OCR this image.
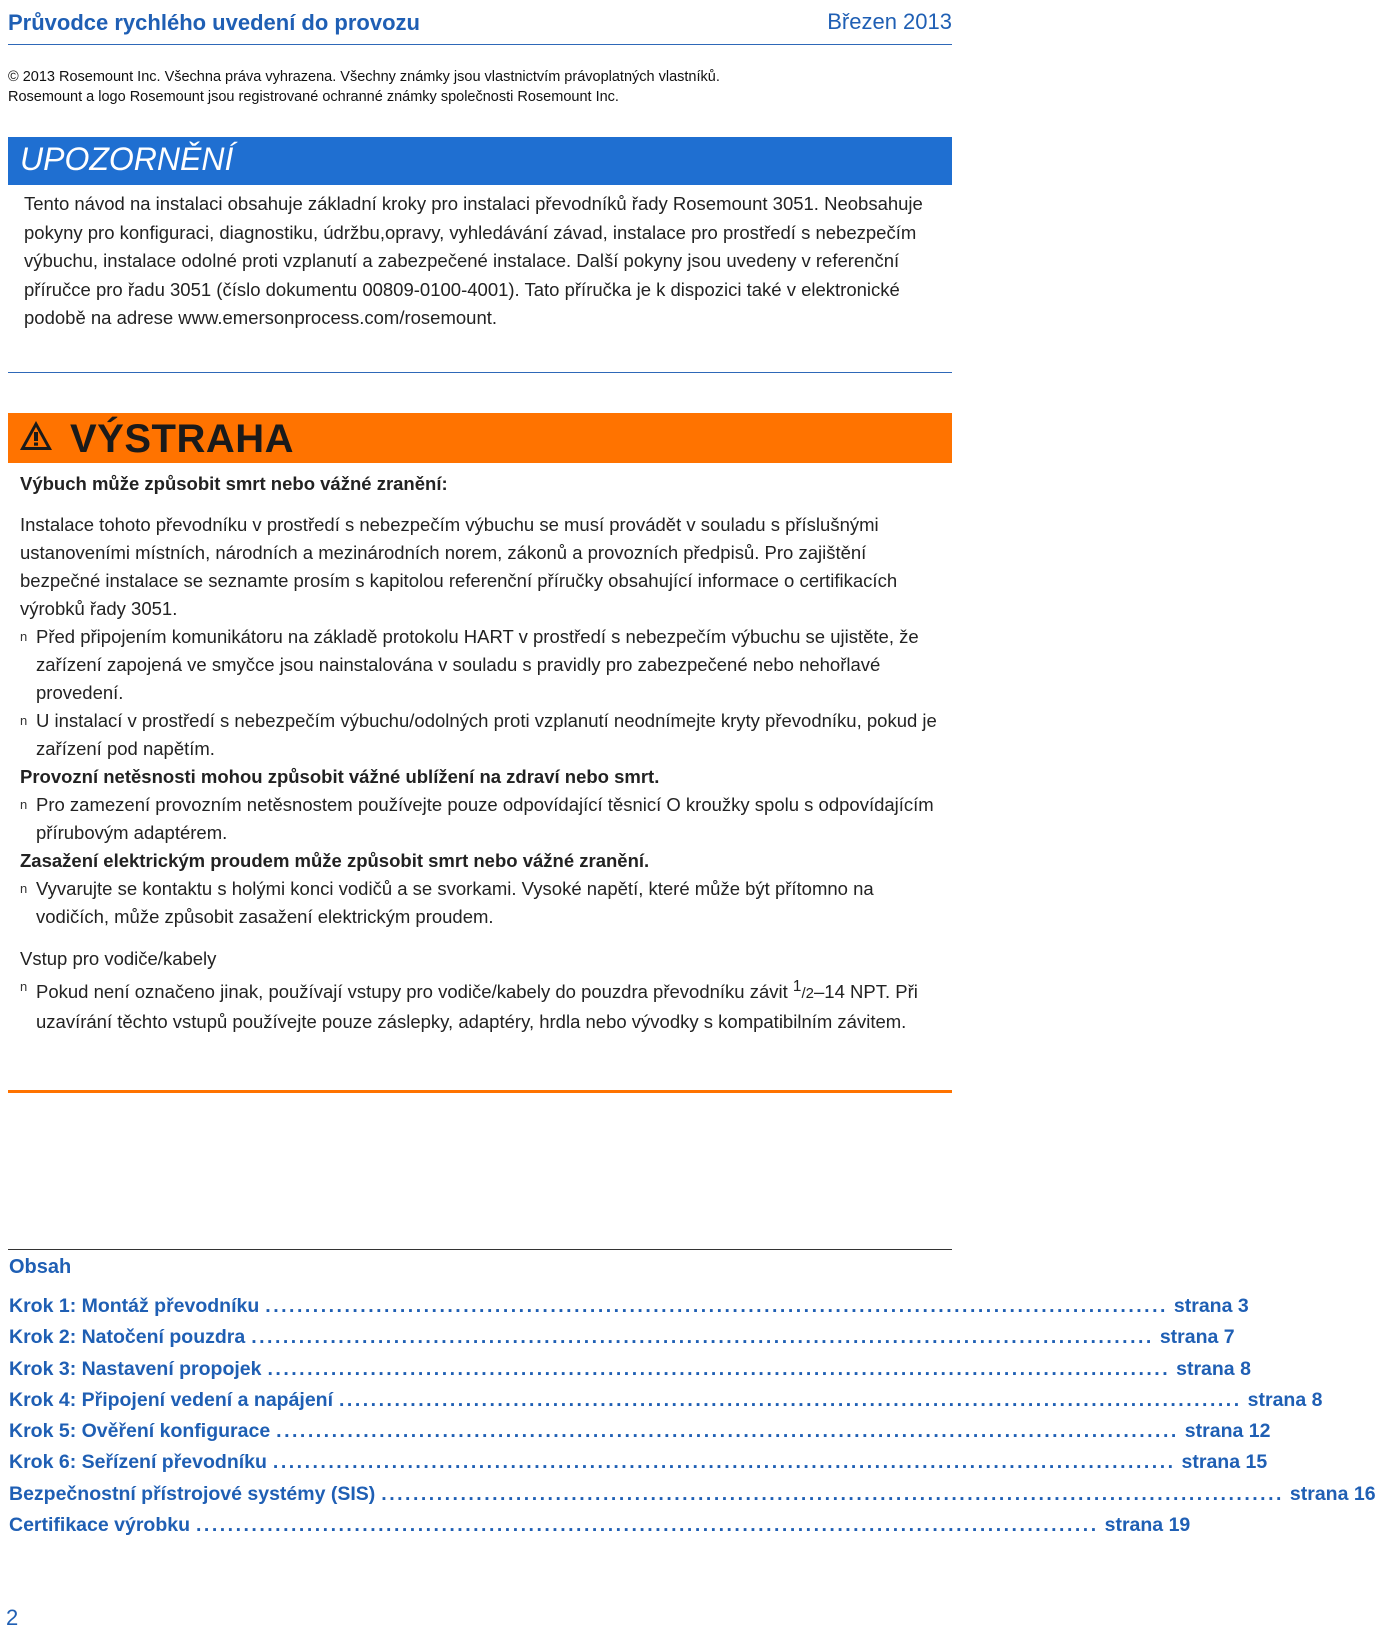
Průvodce rychlého uvedení do provozu	Březen 2013
© 2013 Rosemount Inc. Všechna práva vyhrazena. Všechny známky jsou vlastnictvím právoplatných vlastníků.
Rosemount a logo Rosemount jsou registrované ochranné známky společnosti Rosemount Inc.
UPOZORNĚNÍ
Tento návod na instalaci obsahuje základní kroky pro instalaci převodníků řady Rosemount 3051. Neobsahuje pokyny pro konfiguraci, diagnostiku, údržbu,opravy, vyhledávání závad, instalace pro prostředí s nebezpečím výbuchu, instalace odolné proti vzplanutí a zabezpečené instalace. Další pokyny jsou uvedeny v referenční příručce pro řadu 3051 (číslo dokumentu 00809-0100-4001). Tato příručka je k dispozici také v elektronické podobě na adrese www.emersonprocess.com/rosemount.
VÝSTRAHA

Výbuch může způsobit smrt nebo vážné zranění:

Instalace tohoto převodníku v prostředí s nebezpečím výbuchu se musí provádět v souladu s příslušnými ustanoveními místních, národních a mezinárodních norem, zákonů a provozních předpisů. Pro zajištění bezpečné instalace se seznamte prosím s kapitolou referenční příručky obsahující informace o certifikacích výrobků řady 3051.

n Před připojením komunikátoru na základě protokolu HART v prostředí s nebezpečím výbuchu se ujistěte, že zařízení zapojená ve smyčce jsou nainstalována v souladu s pravidly pro zabezpečené nebo nehořlavé provedení.
n U instalací v prostředí s nebezpečím výbuchu/odolných proti vzplanutí neodnímejte kryty převodníku, pokud je zařízení pod napětím.

Provozní netěsnosti mohou způsobit vážné ublížení na zdraví nebo smrt.

n Pro zamezení provozním netěsnostem používejte pouze odpovídající těsnicí O kroužky spolu s odpovídajícím přírubovým adaptérem.

Zasažení elektrickým proudem může způsobit smrt nebo vážné zranění.

n Vyvarujte se kontaktu s holými konci vodičů a se svorkami. Vysoké napětí, které může být přítomno na vodičích, může způsobit zasažení elektrickým proudem.

Vstup pro vodiče/kabely

n Pokud není označeno jinak, používají vstupy pro vodiče/kabely do pouzdra převodníku závit $^1$/2–14 NPT. Při uzavírání těchto vstupů používejte pouze záslepky, adaptéry, hrdla nebo vývodky s kompatibilním závitem.
Obsah
Krok 1: Montáž převodníku .................................................................................................................. strana 3
Krok 2: Natočení pouzdra .................................................................................................................. strana 7
Krok 3: Nastavení propojek .................................................................................................................. strana 8
Krok 4: Připojení vedení a napájení .................................................................................................................. strana 8
Krok 5: Ověření konfigurace .................................................................................................................. strana 12
Krok 6: Seřízení převodníku .................................................................................................................. strana 15
Bezpečnostní přístrojové systémy (SIS) .................................................................................................................. strana 16
Certifikace výrobku .................................................................................................................. strana 19
2
